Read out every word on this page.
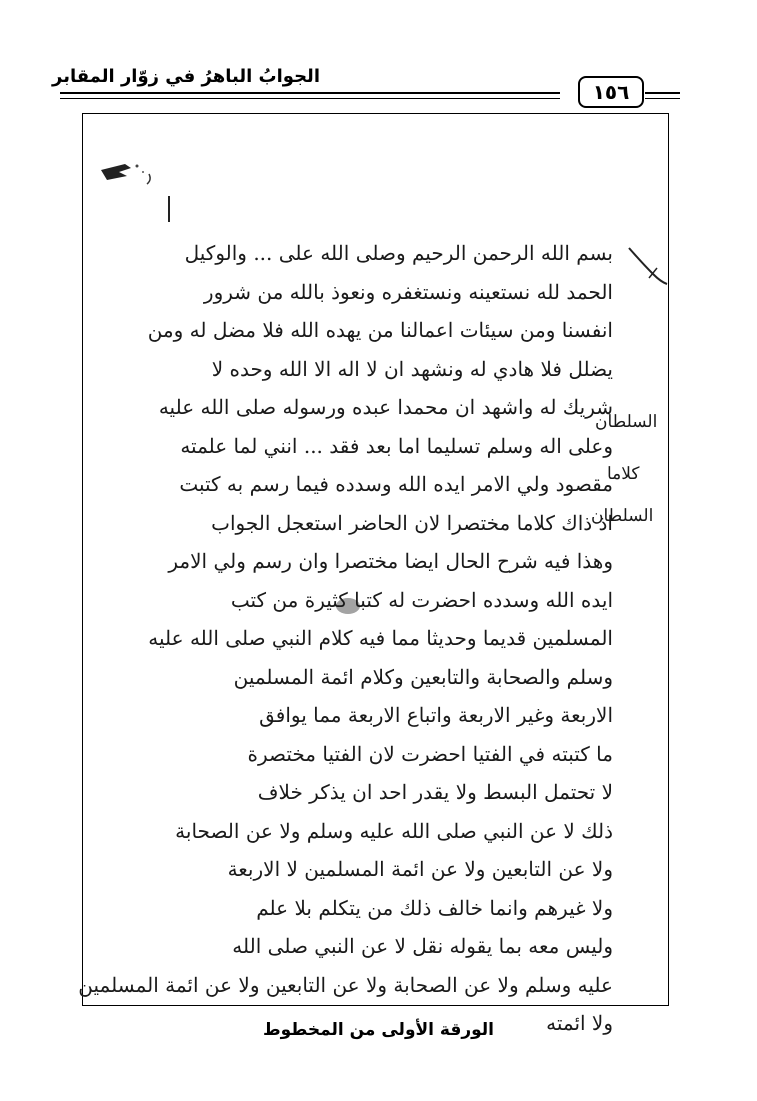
الجوابُ الباهرُ في زوّار المقابر
١٥٦
بسم الله الرحمن الرحيم وصلى الله على ... والوكيل
الحمد لله نستعينه ونستغفره ونعوذ بالله من شرور
انفسنا ومن سيئات اعمالنا من يهده الله فلا مضل له ومن
يضلل فلا هادي له ونشهد ان لا اله الا الله وحده لا
شريك له واشهد ان محمدا عبده ورسوله صلى الله عليه
وعلى اله وسلم تسليما اما بعد فقد ... انني لما علمته
مقصود ولي الامر ايده الله وسدده فيما رسم به كتبت
اذ ذاك كلاما مختصرا لان الحاضر استعجل الجواب
وهذا فيه شرح الحال ايضا مختصرا وان رسم ولي الامر
ايده الله وسدده احضرت له كتبا كثيرة من كتب
المسلمين قديما وحديثا مما فيه كلام النبي صلى الله عليه
وسلم والصحابة والتابعين وكلام ائمة المسلمين
الاربعة وغير الاربعة واتباع الاربعة مما يوافق
ما كتبته في الفتيا احضرت لان الفتيا مختصرة
لا تحتمل البسط ولا يقدر احد ان يذكر خلاف
ذلك لا عن النبي صلى الله عليه وسلم ولا عن الصحابة
ولا عن التابعين ولا عن ائمة المسلمين لا الاربعة
ولا غيرهم وانما خالف ذلك من يتكلم بلا علم
وليس معه بما يقوله نقل لا عن النبي صلى الله
عليه وسلم ولا عن الصحابة ولا عن التابعين ولا عن ائمة المسلمين
ولا ائمته
السلطان
كلاما
السلطان
الورقة الأولى من المخطوط
